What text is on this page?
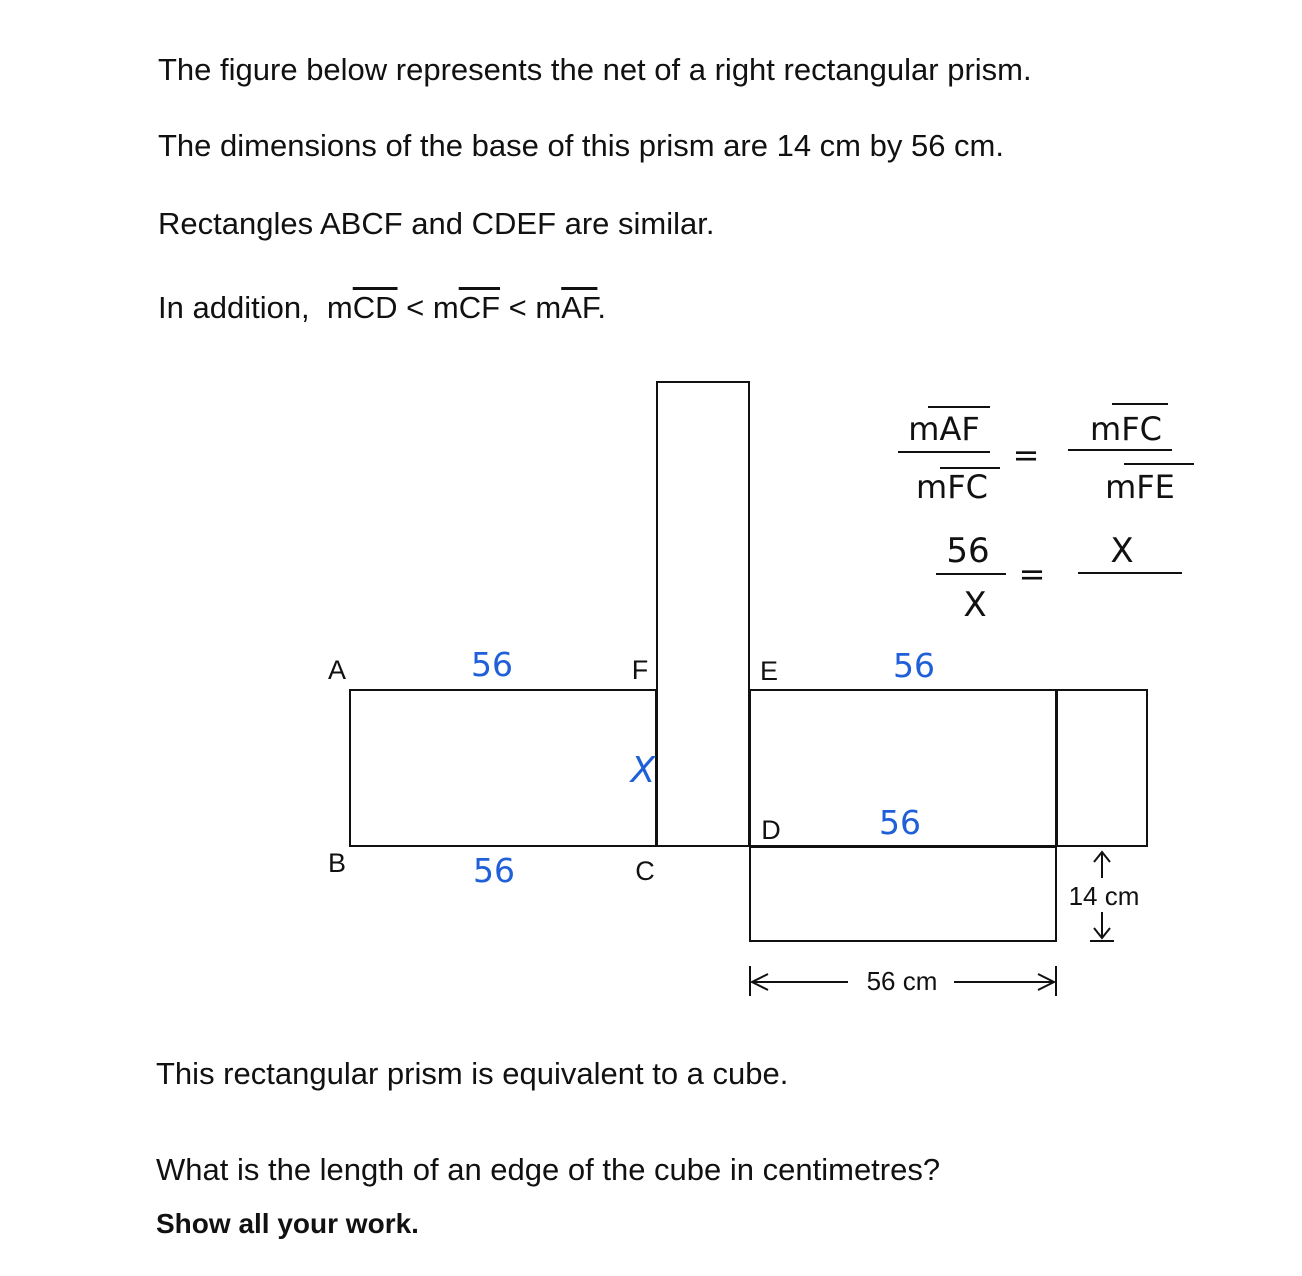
The figure below represents the net of a right rectangular prism.

The dimensions of the base of this prism are 14 cm by 56 cm.

Rectangles ABCF and CDEF are similar.

In addition, $m\overline{CD} < m\overline{CF} < m\overline{AF}$.

56 cm
14 cm
A
B	C
D
E
F
56
56
56
56
X
mAF
mFC
=
mFC
mFE
56
X
=
X

This rectangular prism is equivalent to a cube.

What is the length of an edge of the cube in centimetres?

Show all your work.
